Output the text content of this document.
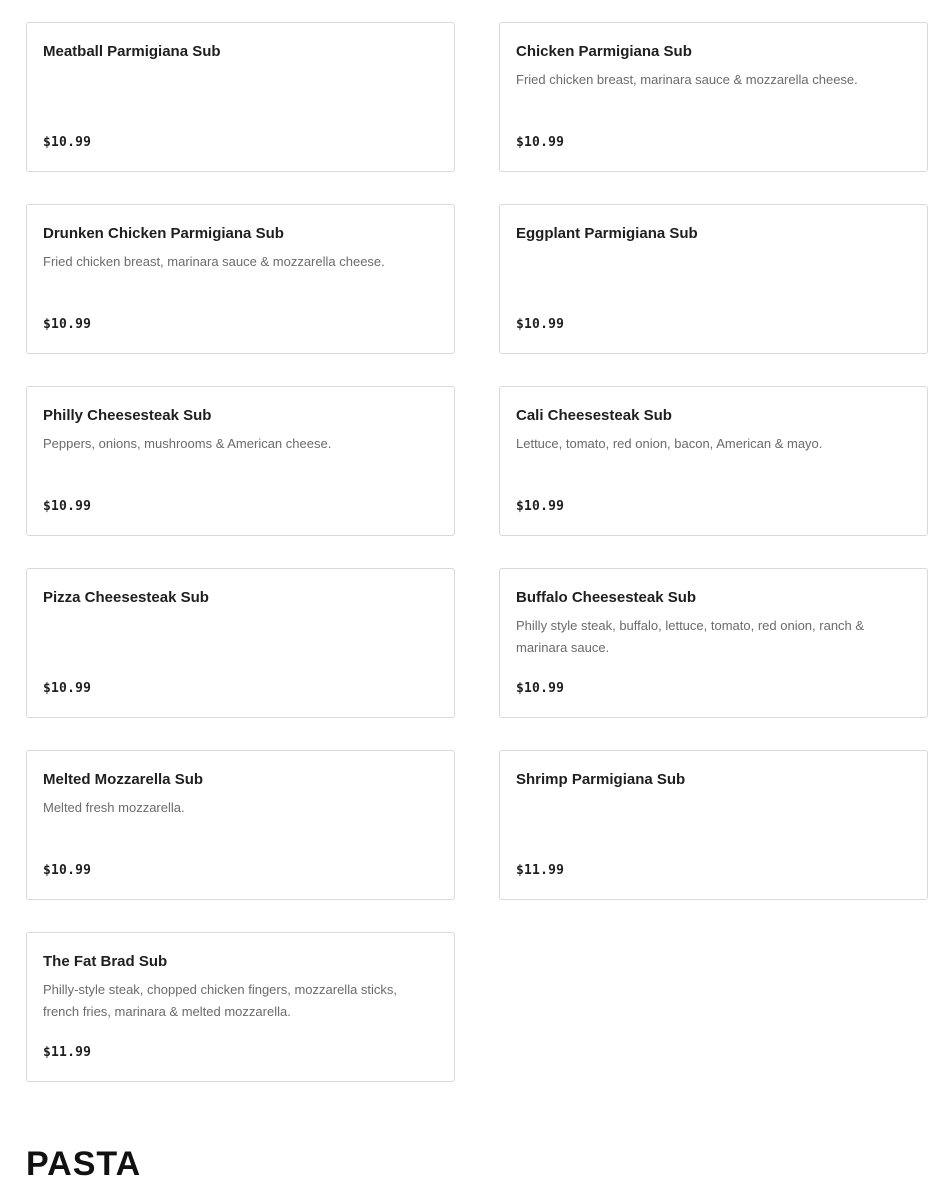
Meatball Parmigiana Sub
$10.99
Chicken Parmigiana Sub
Fried chicken breast, marinara sauce & mozzarella cheese.
$10.99
Drunken Chicken Parmigiana Sub
Fried chicken breast, marinara sauce & mozzarella cheese.
$10.99
Eggplant Parmigiana Sub
$10.99
Philly Cheesesteak Sub
Peppers, onions, mushrooms & American cheese.
$10.99
Cali Cheesesteak Sub
Lettuce, tomato, red onion, bacon, American & mayo.
$10.99
Pizza Cheesesteak Sub
$10.99
Buffalo Cheesesteak Sub
Philly style steak, buffalo, lettuce, tomato, red onion, ranch & marinara sauce.
$10.99
Melted Mozzarella Sub
Melted fresh mozzarella.
$10.99
Shrimp Parmigiana Sub
$11.99
The Fat Brad Sub
Philly-style steak, chopped chicken fingers, mozzarella sticks, french fries, marinara & melted mozzarella.
$11.99
PASTA
